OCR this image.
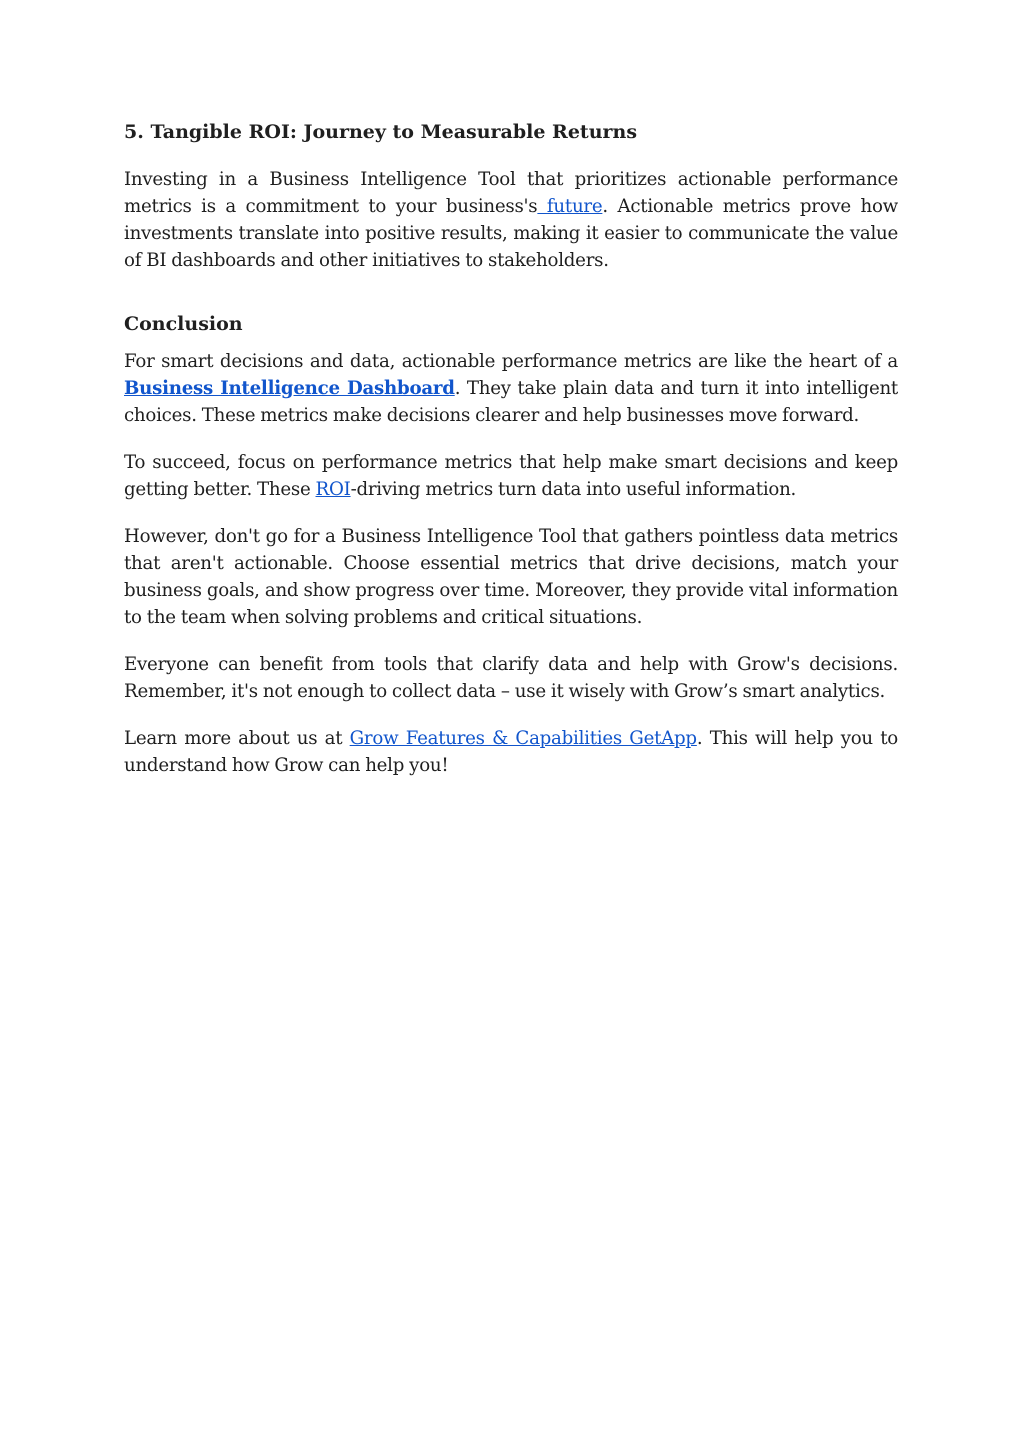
5. Tangible ROI: Journey to Measurable Returns

Investing in a Business Intelligence Tool that prioritizes actionable performance metrics is a commitment to your business's future. Actionable metrics prove how investments translate into positive results, making it easier to communicate the value of BI dashboards and other initiatives to stakeholders.

Conclusion

For smart decisions and data, actionable performance metrics are like the heart of a Business Intelligence Dashboard. They take plain data and turn it into intelligent choices. These metrics make decisions clearer and help businesses move forward.

To succeed, focus on performance metrics that help make smart decisions and keep getting better. These ROI-driving metrics turn data into useful information.

However, don't go for a Business Intelligence Tool that gathers pointless data metrics that aren't actionable. Choose essential metrics that drive decisions, match your business goals, and show progress over time. Moreover, they provide vital information to the team when solving problems and critical situations.

Everyone can benefit from tools that clarify data and help with Grow's decisions. Remember, it's not enough to collect data – use it wisely with Grow’s smart analytics.

Learn more about us at Grow Features & Capabilities GetApp. This will help you to understand how Grow can help you!
